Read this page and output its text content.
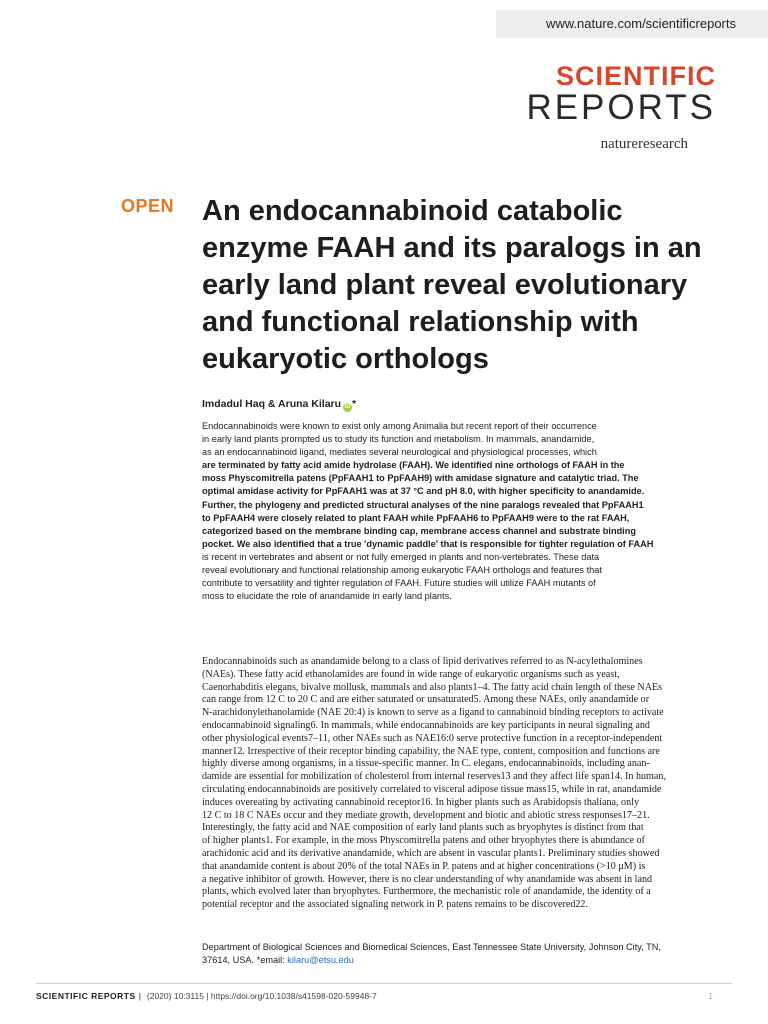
www.nature.com/scientificreports
SCIENTIFIC
REPORTS
natureresearch
OPEN An endocannabinoid catabolic enzyme FAAH and its paralogs in an early land plant reveal evolutionary and functional relationship with eukaryotic orthologs
Imdadul Haq & Aruna Kilaru iD *
Endocannabinoids were known to exist only among Animalia but recent report of their occurrence
in early land plants prompted us to study its function and metabolism. In mammals, anandamide,
as an endocannabinoid ligand, mediates several neurological and physiological processes, which
are terminated by fatty acid amide hydrolase (FAAH). We identified nine orthologs of FAAH in the
moss Physcomitrella patens (PpFAAH1 to PpFAAH9) with amidase signature and catalytic triad. The
optimal amidase activity for PpFAAH1 was at 37 °C and pH 8.0, with higher specificity to anandamide.
Further, the phylogeny and predicted structural analyses of the nine paralogs revealed that PpFAAH1
to PpFAAH4 were closely related to plant FAAH while PpFAAH6 to PpFAAH9 were to the rat FAAH,
categorized based on the membrane binding cap, membrane access channel and substrate binding
pocket. We also identified that a true 'dynamic paddle' that is responsible for tighter regulation of FAAH
is recent in vertebrates and absent or not fully emerged in plants and non-vertebrates. These data
reveal evolutionary and functional relationship among eukaryotic FAAH orthologs and features that
contribute to versatility and tighter regulation of FAAH. Future studies will utilize FAAH mutants of
moss to elucidate the role of anandamide in early land plants.
Endocannabinoids such as anandamide belong to a class of lipid derivatives referred to as N-acylethalomines
(NAEs). These fatty acid ethanolamides are found in wide range of eukaryotic organisms such as yeast,
Caenorhabditis elegans, bivalve mollusk, mammals and also plants1–4. The fatty acid chain length of these NAEs
can range from 12 C to 20 C and are either saturated or unsaturated5. Among these NAEs, only anandamide or
N-arachidonylethanolamide (NAE 20:4) is known to serve as a ligand to cannabinoid binding receptors to activate
endocannabinoid signaling6. In mammals, while endocannabinoids are key participants in neural signaling and
other physiological events7–11, other NAEs such as NAE16:0 serve protective function in a receptor-independent
manner12. Irrespective of their receptor binding capability, the NAE type, content, composition and functions are
highly diverse among organisms, in a tissue-specific manner. In C. elegans, endocannabinoids, including anan-
damide are essential for mobilization of cholesterol from internal reserves13 and they affect life span14. In human,
circulating endocannabinoids are positively correlated to visceral adipose tissue mass15, while in rat, anandamide
induces overeating by activating cannabinoid receptor16. In higher plants such as Arabidopsis thaliana, only
12 C to 18 C NAEs occur and they mediate growth, development and biotic and abiotic stress responses17–21.
Interestingly, the fatty acid and NAE composition of early land plants such as bryophytes is distinct from that
of higher plants1. For example, in the moss Physcomitrella patens and other bryophytes there is abundance of
arachidonic acid and its derivative anandamide, which are absent in vascular plants1. Preliminary studies showed
that anandamide content is about 20% of the total NAEs in P. patens and at higher concentrations (>10 μM) is
a negative inhibitor of growth. However, there is no clear understanding of why anandamide was absent in land
plants, which evolved later than bryophytes. Furthermore, the mechanistic role of anandamide, the identity of a
potential receptor and the associated signaling network in P. patens remains to be discovered22.
Department of Biological Sciences and Biomedical Sciences, East Tennessee State University, Johnson City, TN,
37614, USA. *email: kilaru@etsu.edu
SCIENTIFIC REPORTS | (2020) 10:3115 | https://doi.org/10.1038/s41598-020-59948-7	1
